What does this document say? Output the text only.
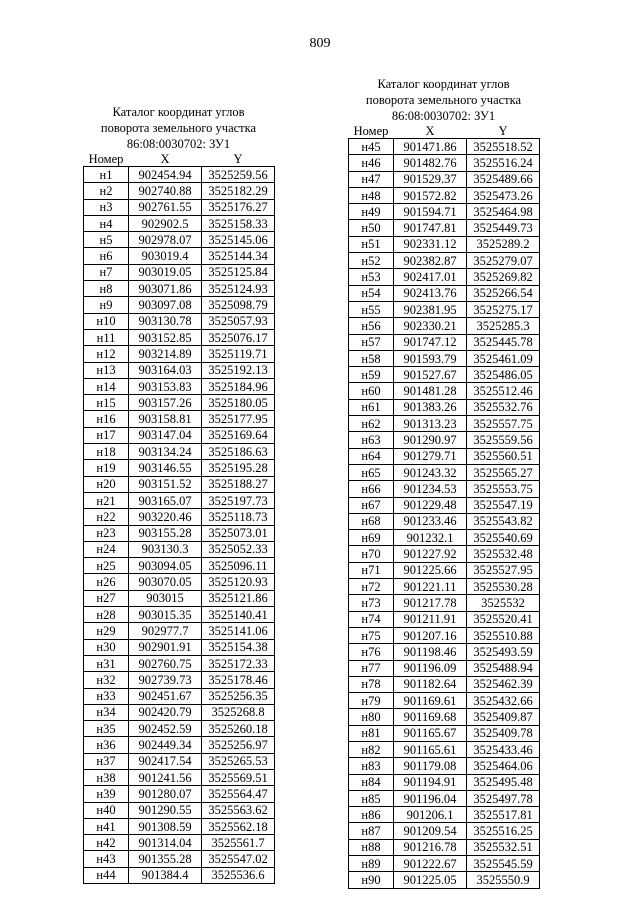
809
Каталог координат углов
поворота земельного участка
86:08:0030702: ЗУ1
Номер	X	Y
н1	902454.94	3525259.56
н2	902740.88	3525182.29
н3	902761.55	3525176.27
н4	902902.5	3525158.33
н5	902978.07	3525145.06
н6	903019.4	3525144.34
н7	903019.05	3525125.84
н8	903071.86	3525124.93
н9	903097.08	3525098.79
н10	903130.78	3525057.93
н11	903152.85	3525076.17
н12	903214.89	3525119.71
н13	903164.03	3525192.13
н14	903153.83	3525184.96
н15	903157.26	3525180.05
н16	903158.81	3525177.95
н17	903147.04	3525169.64
н18	903134.24	3525186.63
н19	903146.55	3525195.28
н20	903151.52	3525188.27
н21	903165.07	3525197.73
н22	903220.46	3525118.73
н23	903155.28	3525073.01
н24	903130.3	3525052.33
н25	903094.05	3525096.11
н26	903070.05	3525120.93
н27	903015	3525121.86
н28	903015.35	3525140.41
н29	902977.7	3525141.06
н30	902901.91	3525154.38
н31	902760.75	3525172.33
н32	902739.73	3525178.46
н33	902451.67	3525256.35
н34	902420.79	3525268.8
н35	902452.59	3525260.18
н36	902449.34	3525256.97
н37	902417.54	3525265.53
н38	901241.56	3525569.51
н39	901280.07	3525564.47
н40	901290.55	3525563.62
н41	901308.59	3525562.18
н42	901314.04	3525561.7
н43	901355.28	3525547.02
н44	901384.4	3525536.6
Каталог координат углов
поворота земельного участка
86:08:0030702: ЗУ1
Номер	X	Y
н45	901471.86	3525518.52
н46	901482.76	3525516.24
н47	901529.37	3525489.66
н48	901572.82	3525473.26
н49	901594.71	3525464.98
н50	901747.81	3525449.73
н51	902331.12	3525289.2
н52	902382.87	3525279.07
н53	902417.01	3525269.82
н54	902413.76	3525266.54
н55	902381.95	3525275.17
н56	902330.21	3525285.3
н57	901747.12	3525445.78
н58	901593.79	3525461.09
н59	901527.67	3525486.05
н60	901481.28	3525512.46
н61	901383.26	3525532.76
н62	901313.23	3525557.75
н63	901290.97	3525559.56
н64	901279.71	3525560.51
н65	901243.32	3525565.27
н66	901234.53	3525553.75
н67	901229.48	3525547.19
н68	901233.46	3525543.82
н69	901232.1	3525540.69
н70	901227.92	3525532.48
н71	901225.66	3525527.95
н72	901221.11	3525530.28
н73	901217.78	3525532
н74	901211.91	3525520.41
н75	901207.16	3525510.88
н76	901198.46	3525493.59
н77	901196.09	3525488.94
н78	901182.64	3525462.39
н79	901169.61	3525432.66
н80	901169.68	3525409.87
н81	901165.67	3525409.78
н82	901165.61	3525433.46
н83	901179.08	3525464.06
н84	901194.91	3525495.48
н85	901196.04	3525497.78
н86	901206.1	3525517.81
н87	901209.54	3525516.25
н88	901216.78	3525532.51
н89	901222.67	3525545.59
н90	901225.05	3525550.9
